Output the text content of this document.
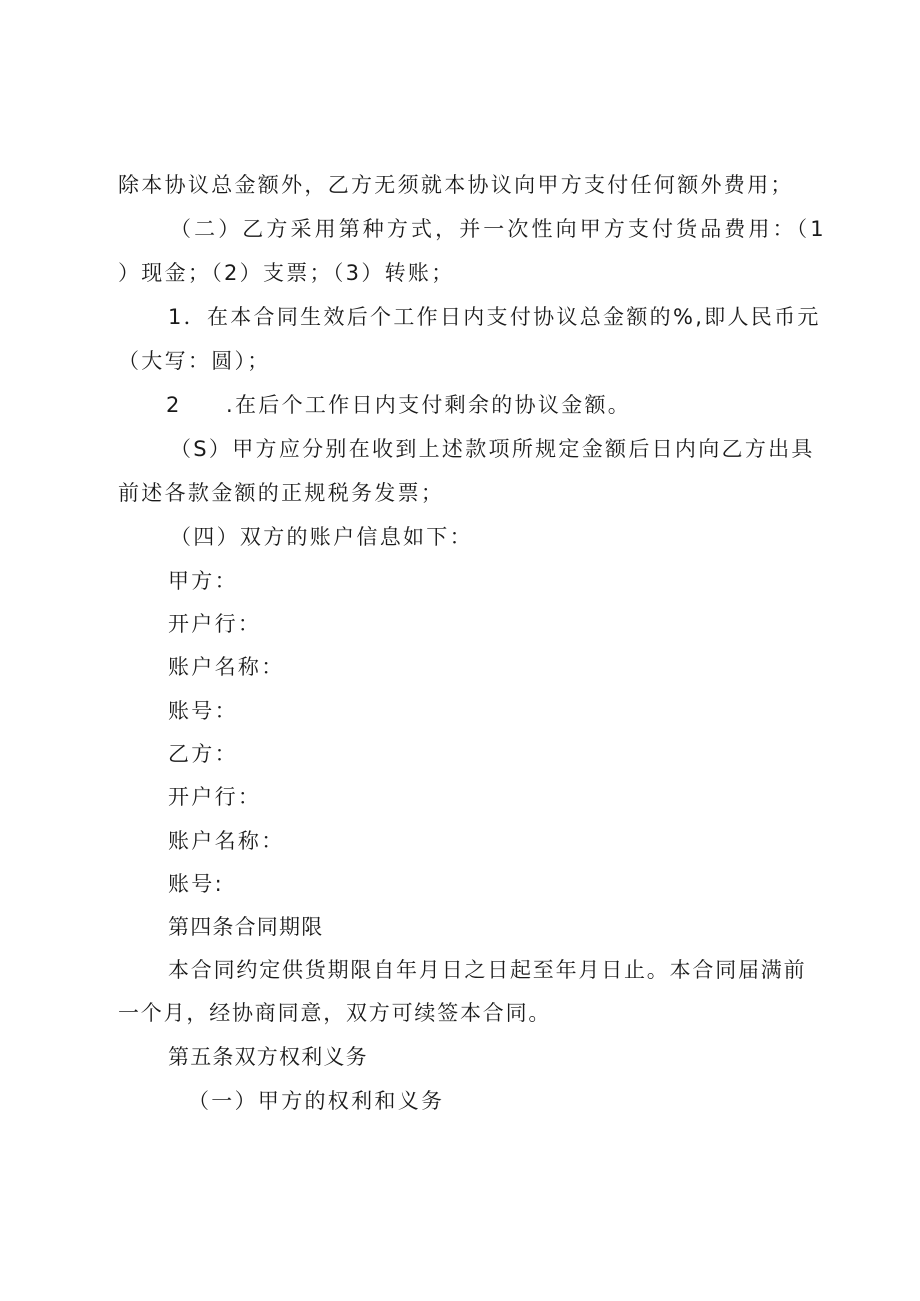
除本协议总金额外，乙方无须就本协议向甲方支付任何额外费用；
（二）乙方采用第种方式，并一次性向甲方支付货品费用：（1
）现金；（2）支票；（3）转账；
1．在本合同生效后个工作日内支付协议总金额的%,即人民币元
（大写：圆）；
2 .在后个工作日内支付剩余的协议金额。
（S）甲方应分别在收到上述款项所规定金额后日内向乙方出具
前述各款金额的正规税务发票；
（四）双方的账户信息如下：
甲方：
开户行：
账户名称：
账号：
乙方：
开户行：
账户名称：
账号:
第四条合同期限
本合同约定供货期限自年月日之日起至年月日止。本合同届满前
一个月，经协商同意，双方可续签本合同。
第五条双方权利义务
（一）甲方的权利和义务
